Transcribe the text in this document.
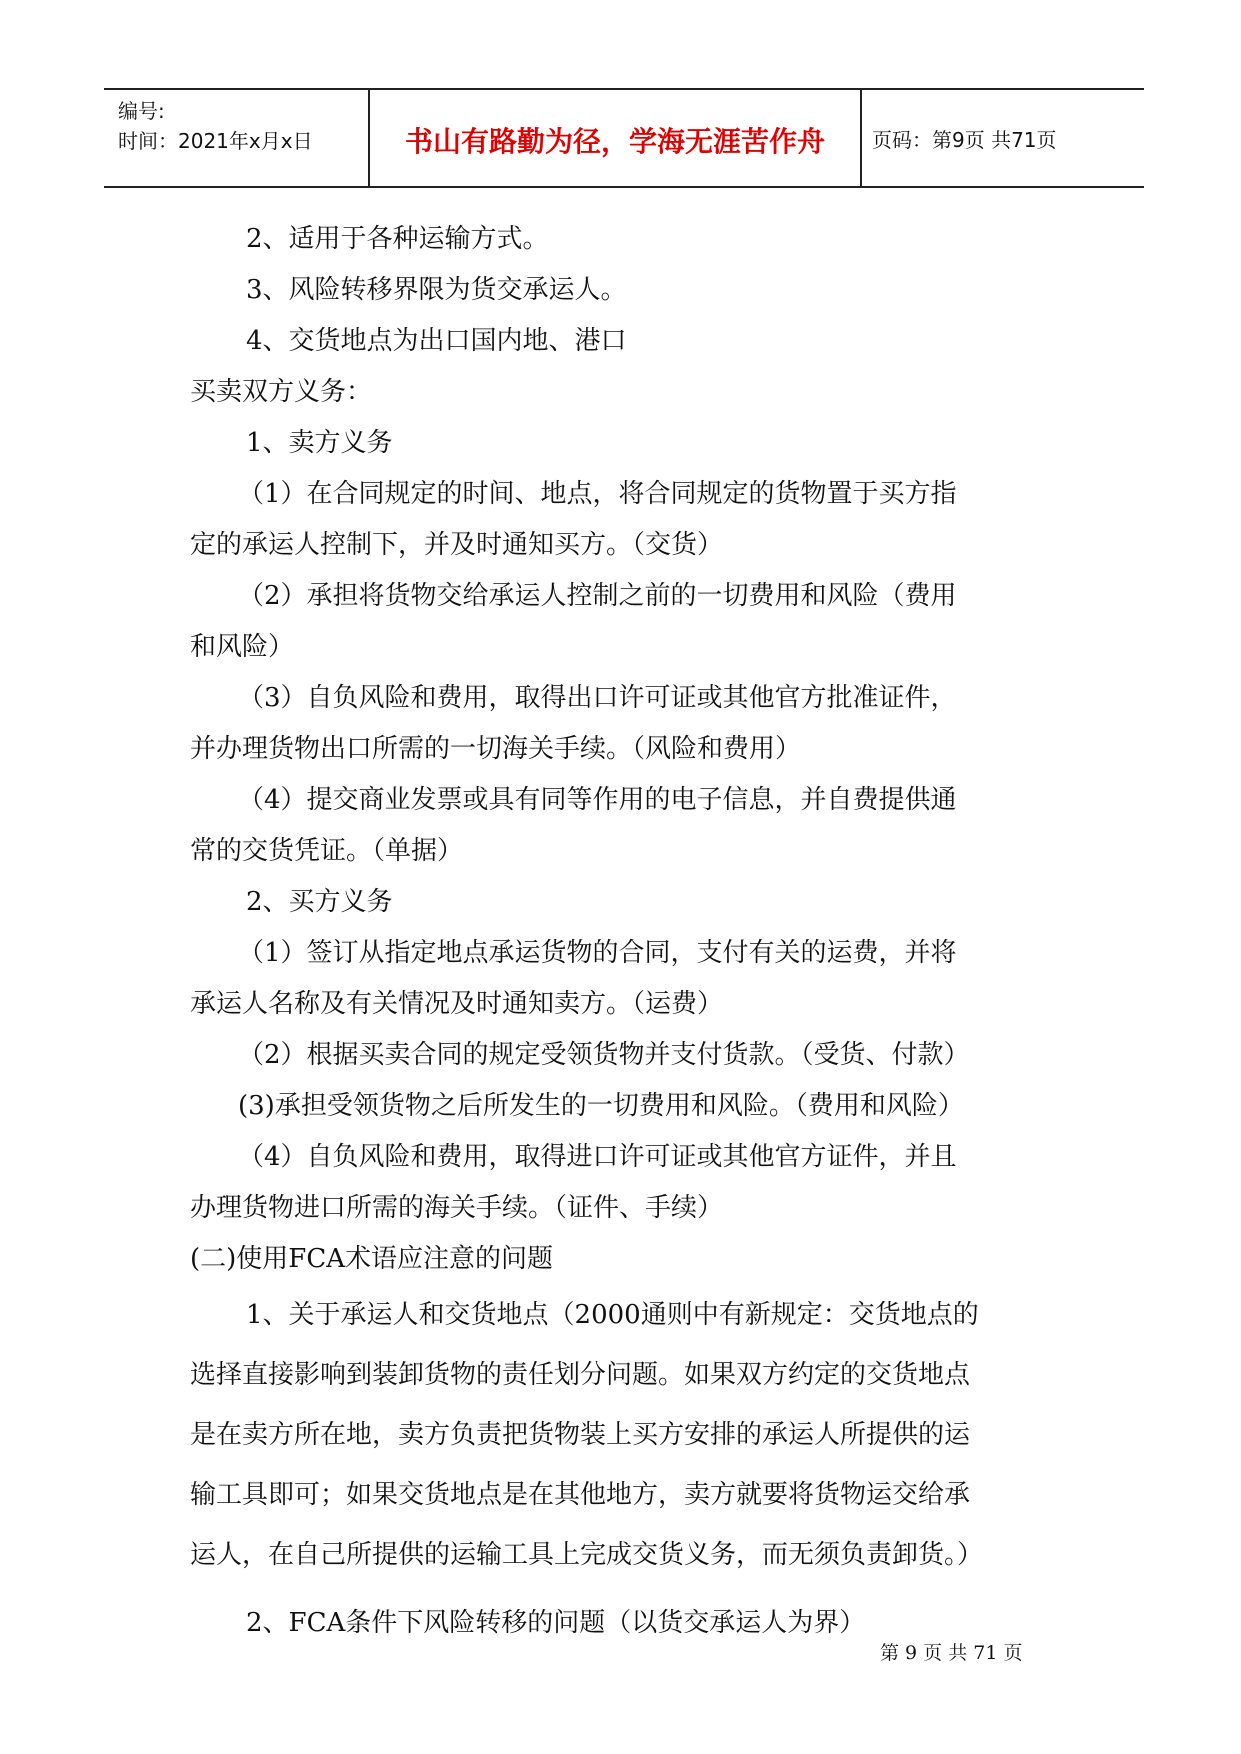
编号:
时间：2021年x月x日	书山有路勤为径，学海无涯苦作舟	页码：第9页 共71页
2、适用于各种运输方式。
3、风险转移界限为货交承运人。
4、交货地点为出口国内地、港口
买卖双方义务：
1、卖方义务
（1）在合同规定的时间、地点，将合同规定的货物置于买方指
定的承运人控制下，并及时通知买方。（交货）
（2）承担将货物交给承运人控制之前的一切费用和风险（费用
和风险）
（3）自负风险和费用，取得出口许可证或其他官方批准证件，
并办理货物出口所需的一切海关手续。（风险和费用）
（4）提交商业发票或具有同等作用的电子信息，并自费提供通
常的交货凭证。（单据）
2、买方义务
（1）签订从指定地点承运货物的合同，支付有关的运费，并将
承运人名称及有关情况及时通知卖方。（运费）
（2）根据买卖合同的规定受领货物并支付货款。（受货、付款）
(3)承担受领货物之后所发生的一切费用和风险。（费用和风险）
（4）自负风险和费用，取得进口许可证或其他官方证件，并且
办理货物进口所需的海关手续。（证件、手续）
(二)使用FCA术语应注意的问题
1、关于承运人和交货地点（2000通则中有新规定：交货地点的
选择直接影响到装卸货物的责任划分问题。如果双方约定的交货地点
是在卖方所在地，卖方负责把货物装上买方安排的承运人所提供的运
输工具即可；如果交货地点是在其他地方，卖方就要将货物运交给承
运人，在自己所提供的运输工具上完成交货义务，而无须负责卸货。）
2、FCA条件下风险转移的问题（以货交承运人为界）
第 9 页 共 71 页
